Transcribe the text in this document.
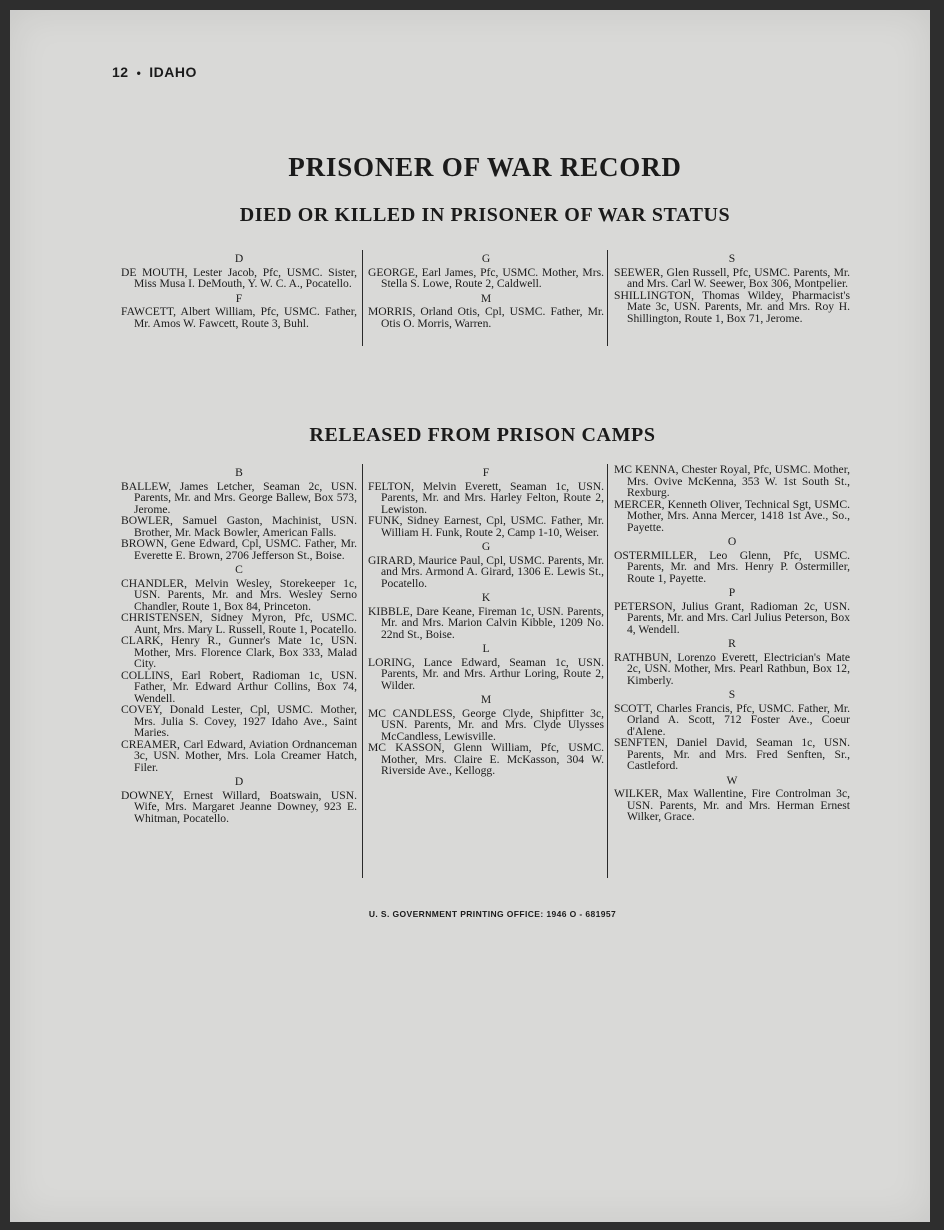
12 • IDAHO
PRISONER OF WAR RECORD
DIED OR KILLED IN PRISONER OF WAR STATUS
D
DE MOUTH, Lester Jacob, Pfc, USMC. Sister, Miss Musa I. DeMouth, Y. W. C. A., Pocatello.
F
FAWCETT, Albert William, Pfc, USMC. Father, Mr. Amos W. Fawcett, Route 3, Buhl.
G
GEORGE, Earl James, Pfc, USMC. Mother, Mrs. Stella S. Lowe, Route 2, Caldwell.
M
MORRIS, Orland Otis, Cpl, USMC. Father, Mr. Otis O. Morris, Warren.
S
SEEWER, Glen Russell, Pfc, USMC. Parents, Mr. and Mrs. Carl W. Seewer, Box 306, Montpelier.
SHILLINGTON, Thomas Wildey, Pharmacist's Mate 3c, USN. Parents, Mr. and Mrs. Roy H. Shillington, Route 1, Box 71, Jerome.
RELEASED FROM PRISON CAMPS
B
BALLEW, James Letcher, Seaman 2c, USN. Parents, Mr. and Mrs. George Ballew, Box 573, Jerome.
BOWLER, Samuel Gaston, Machinist, USN. Brother, Mr. Mack Bowler, American Falls.
BROWN, Gene Edward, Cpl, USMC. Father, Mr. Everette E. Brown, 2706 Jefferson St., Boise.
C
CHANDLER, Melvin Wesley, Storekeeper 1c, USN. Parents, Mr. and Mrs. Wesley Serno Chandler, Route 1, Box 84, Princeton.
CHRISTENSEN, Sidney Myron, Pfc, USMC. Aunt, Mrs. Mary L. Russell, Route 1, Pocatello.
CLARK, Henry R., Gunner's Mate 1c, USN. Mother, Mrs. Florence Clark, Box 333, Malad City.
COLLINS, Earl Robert, Radioman 1c, USN. Father, Mr. Edward Arthur Collins, Box 74, Wendell.
COVEY, Donald Lester, Cpl, USMC. Mother, Mrs. Julia S. Covey, 1927 Idaho Ave., Saint Maries.
CREAMER, Carl Edward, Aviation Ordnanceman 3c, USN. Mother, Mrs. Lola Creamer Hatch, Filer.
D
DOWNEY, Ernest Willard, Boatswain, USN. Wife, Mrs. Margaret Jeanne Downey, 923 E. Whitman, Pocatello.
F
FELTON, Melvin Everett, Seaman 1c, USN. Parents, Mr. and Mrs. Harley Felton, Route 2, Lewiston.
FUNK, Sidney Earnest, Cpl, USMC. Father, Mr. William H. Funk, Route 2, Camp 1-10, Weiser.
G
GIRARD, Maurice Paul, Cpl, USMC. Parents, Mr. and Mrs. Armond A. Girard, 1306 E. Lewis St., Pocatello.
K
KIBBLE, Dare Keane, Fireman 1c, USN. Parents, Mr. and Mrs. Marion Calvin Kibble, 1209 No. 22nd St., Boise.
L
LORING, Lance Edward, Seaman 1c, USN. Parents, Mr. and Mrs. Arthur Loring, Route 2, Wilder.
M
MC CANDLESS, George Clyde, Shipfitter 3c, USN. Parents, Mr. and Mrs. Clyde Ulysses McCandless, Lewisville.
MC KASSON, Glenn William, Pfc, USMC. Mother, Mrs. Claire E. McKasson, 304 W. Riverside Ave., Kellogg.
MC KENNA, Chester Royal, Pfc, USMC. Mother, Mrs. Ovive McKenna, 353 W. 1st South St., Rexburg.
MERCER, Kenneth Oliver, Technical Sgt, USMC. Mother, Mrs. Anna Mercer, 1418 1st Ave., So., Payette.
O
OSTERMILLER, Leo Glenn, Pfc, USMC. Parents, Mr. and Mrs. Henry P. Ostermiller, Route 1, Payette.
P
PETERSON, Julius Grant, Radioman 2c, USN. Parents, Mr. and Mrs. Carl Julius Peterson, Box 4, Wendell.
R
RATHBUN, Lorenzo Everett, Electrician's Mate 2c, USN. Mother, Mrs. Pearl Rathbun, Box 12, Kimberly.
S
SCOTT, Charles Francis, Pfc, USMC. Father, Mr. Orland A. Scott, 712 Foster Ave., Coeur d'Alene.
SENFTEN, Daniel David, Seaman 1c, USN. Parents, Mr. and Mrs. Fred Senften, Sr., Castleford.
W
WILKER, Max Wallentine, Fire Controlman 3c, USN. Parents, Mr. and Mrs. Herman Ernest Wilker, Grace.
U. S. GOVERNMENT PRINTING OFFICE: 1946 O - 681957
